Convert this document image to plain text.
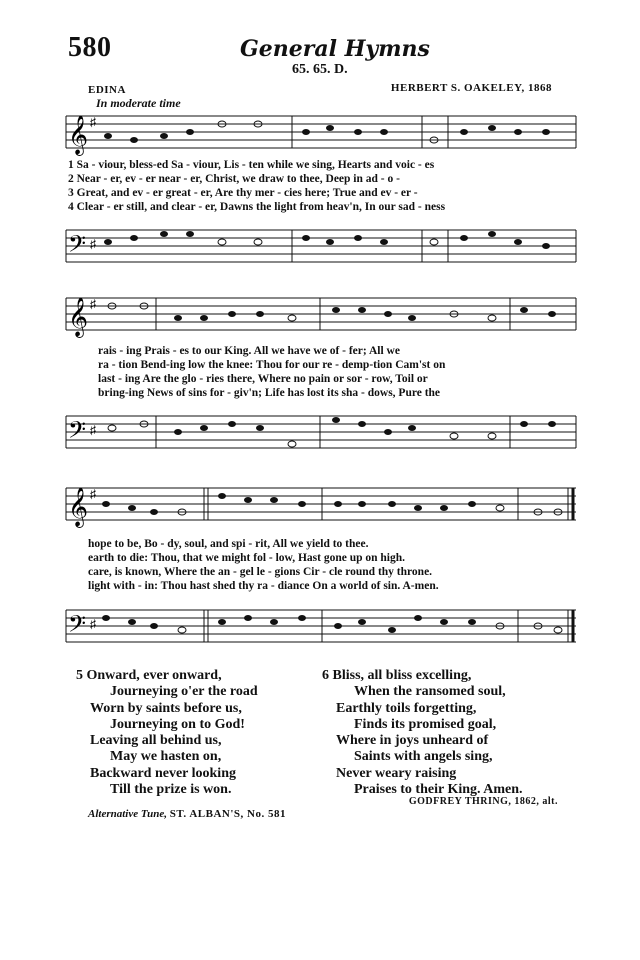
580	General Hymns
65. 65. D.
EDINA	HERBERT S. OAKELEY, 1868
In moderate time
𝄞 ♯
1 Sa - viour, bless-ed Sa - viour, Lis - ten while we sing, Hearts and voic - es
2 Near - er, ev - er near - er, Christ, we draw to thee, Deep in ad - o -
3 Great, and ev - er great - er, Are thy mer - cies here; True and ev - er -
4 Clear - er still, and clear - er, Dawns the light from heav'n, In our sad - ness
𝄢 ♯
𝄞 ♯
rais - ing Prais - es to our King. All we have we of - fer; All we
ra - tion Bend-ing low the knee: Thou for our re - demp-tion Cam'st on
last - ing Are the glo - ries there, Where no pain or sor - row, Toil or
bring-ing News of sins for - giv'n; Life has lost its sha - dows, Pure the
𝄢 ♯
𝄞 ♯
hope to be, Bo - dy, soul, and spi - rit, All we yield to thee.
earth to die: Thou, that we might fol - low, Hast gone up on high.
care, is known, Where the an - gel le - gions Cir - cle round thy throne.
light with - in: Thou hast shed thy ra - diance On a world of sin. A-men.
𝄢 ♯
5 Onward, ever onward,
Journeying o'er the road
Worn by saints before us,
Journeying on to God!
Leaving all behind us,
May we hasten on,
Backward never looking
Till the prize is won.
6 Bliss, all bliss excelling,
When the ransomed soul,
Earthly toils forgetting,
Finds its promised goal,
Where in joys unheard of
Saints with angels sing,
Never weary raising
Praises to their King. Amen.
GODFREY THRING, 1862, alt.
Alternative Tune, ST. ALBAN'S, No. 581
